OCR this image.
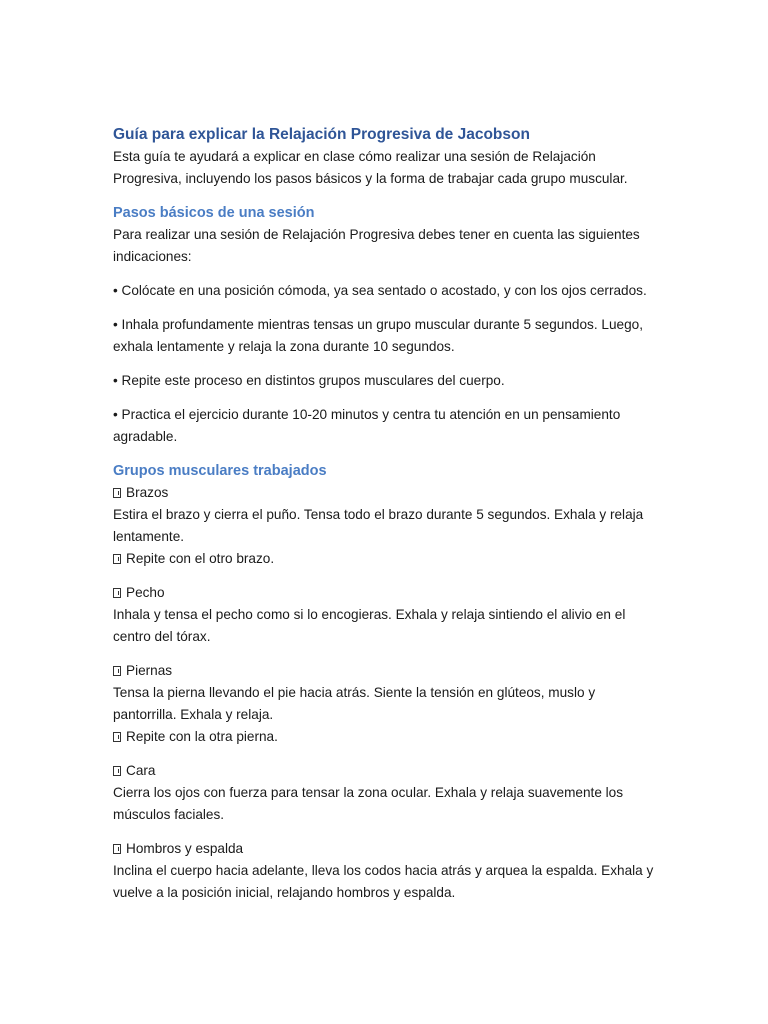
Guía para explicar la Relajación Progresiva de Jacobson

Esta guía te ayudará a explicar en clase cómo realizar una sesión de Relajación Progresiva, incluyendo los pasos básicos y la forma de trabajar cada grupo muscular.

Pasos básicos de una sesión

Para realizar una sesión de Relajación Progresiva debes tener en cuenta las siguientes indicaciones:

• Colócate en una posición cómoda, ya sea sentado o acostado, y con los ojos cerrados.

• Inhala profundamente mientras tensas un grupo muscular durante 5 segundos. Luego, exhala lentamente y relaja la zona durante 10 segundos.

• Repite este proceso en distintos grupos musculares del cuerpo.

• Practica el ejercicio durante 10-20 minutos y centra tu atención en un pensamiento agradable.

Grupos musculares trabajados

Brazos

Estira el brazo y cierra el puño. Tensa todo el brazo durante 5 segundos. Exhala y relaja lentamente.

Repite con el otro brazo.

Pecho

Inhala y tensa el pecho como si lo encogieras. Exhala y relaja sintiendo el alivio en el centro del tórax.

Piernas

Tensa la pierna llevando el pie hacia atrás. Siente la tensión en glúteos, muslo y pantorrilla. Exhala y relaja.

Repite con la otra pierna.

Cara

Cierra los ojos con fuerza para tensar la zona ocular. Exhala y relaja suavemente los músculos faciales.

Hombros y espalda

Inclina el cuerpo hacia adelante, lleva los codos hacia atrás y arquea la espalda. Exhala y vuelve a la posición inicial, relajando hombros y espalda.
